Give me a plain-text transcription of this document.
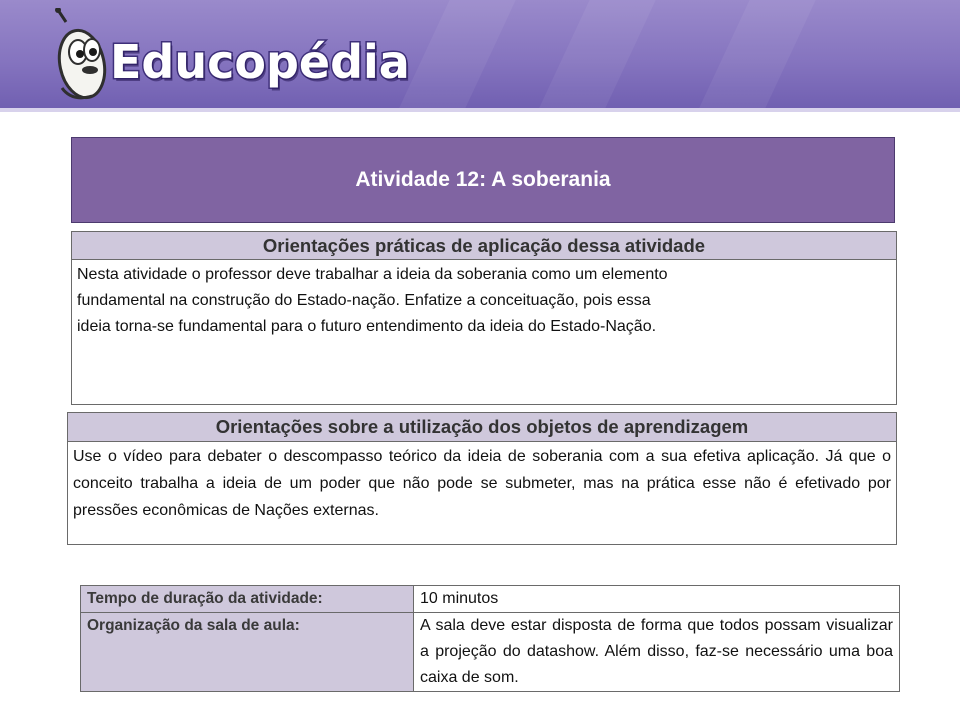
Educopédia
Atividade 12: A soberania
Orientações práticas de aplicação dessa atividade
Nesta atividade o professor deve trabalhar a ideia da soberania como um elemento
fundamental na construção do Estado-nação. Enfatize a conceituação, pois essa
ideia torna-se fundamental para o futuro entendimento da ideia do Estado-Nação.
Orientações sobre a utilização dos objetos de aprendizagem
Use o vídeo para debater o descompasso teórico da ideia de soberania com a sua efetiva aplicação. Já que o conceito trabalha a ideia de um poder que não pode se submeter, mas na prática esse não é efetivado por pressões econômicas de Nações externas.
Tempo de duração da atividade:	10 minutos
Organização da sala de aula:	A sala deve estar disposta de forma que todos possam visualizar a projeção do datashow. Além disso, faz-se necessário uma boa caixa de som.
